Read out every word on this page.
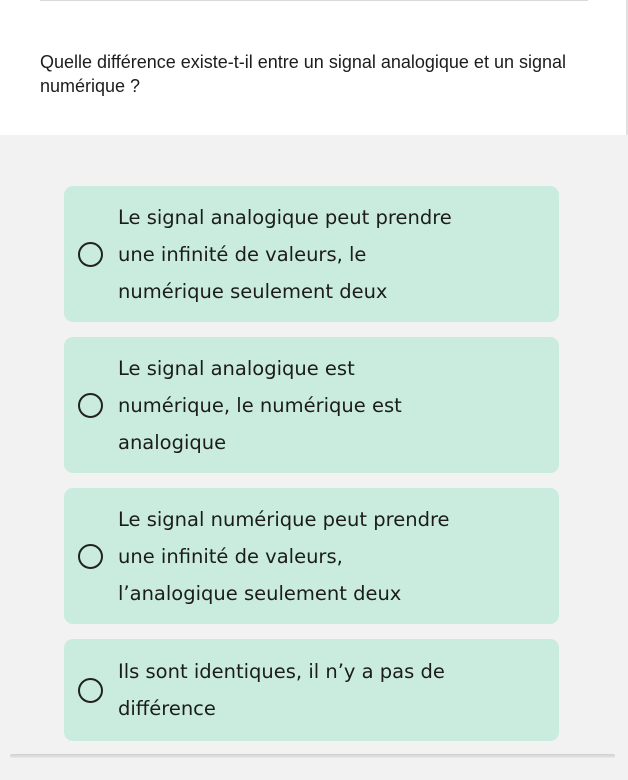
Quelle différence existe-t-il entre un signal analogique et un signal numérique ?
Le signal analogique peut prendre
une infinité de valeurs, le
numérique seulement deux
Le signal analogique est
numérique, le numérique est
analogique
Le signal numérique peut prendre
une infinité de valeurs,
l’analogique seulement deux
Ils sont identiques, il n’y a pas de
différence
